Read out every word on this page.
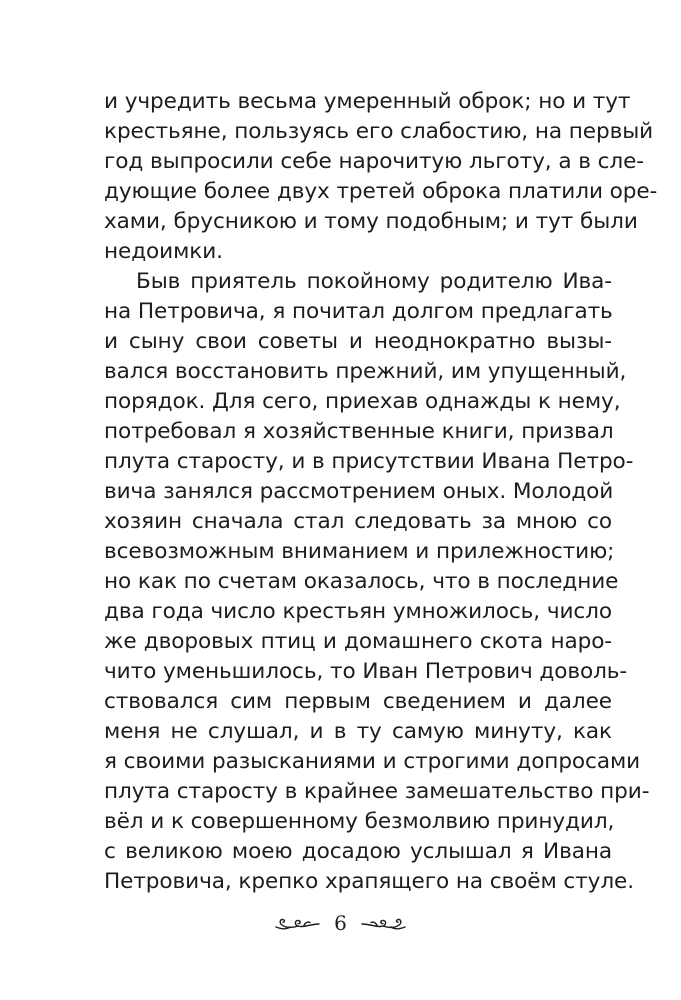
и учредить весьма умеренный оброк; но и тут
крестьяне, пользуясь его слабостию, на первый
год выпросили себе нарочитую льготу, а в сле-
дующие более двух третей оброка платили оре-
хами, брусникою и тому подобным; и тут были
недоимки.
Быв приятель покойному родителю Ива-
на Петровича, я почитал долгом предлагать
и сыну свои советы и неоднократно вызы-
вался восстановить прежний, им упущенный,
порядок. Для сего, приехав однажды к нему,
потребовал я хозяйственные книги, призвал
плута старосту, и в присутствии Ивана Петро-
вича занялся рассмотрением оных. Молодой
хозяин сначала стал следовать за мною со
всевозможным вниманием и прилежностию;
но как по счетам оказалось, что в последние
два года число крестьян умножилось, число
же дворовых птиц и домашнего скота наро-
чито уменьшилось, то Иван Петрович доволь-
ствовался сим первым сведением и далее
меня не слушал, и в ту самую минуту, как
я своими разысканиями и строгими допросами
плута старосту в крайнее замешательство при-
вёл и к совершенному безмолвию принудил,
с великою моею досадою услышал я Ивана
Петровича, крепко храпящего на своём стуле.
6
